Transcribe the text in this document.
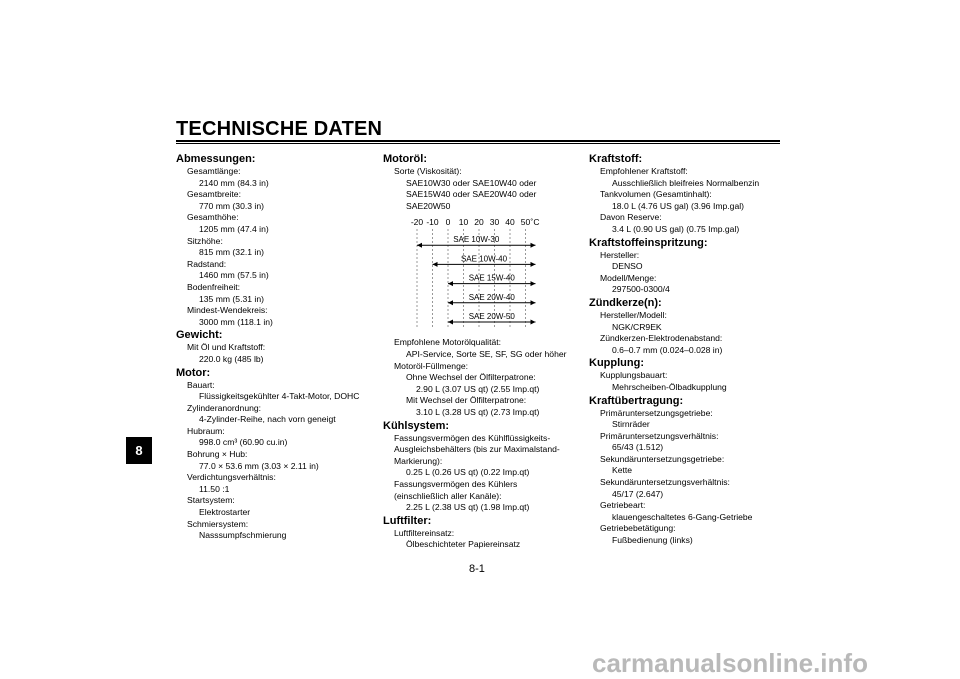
TECHNISCHE DATEN
8
8-1
Abmessungen:
Gesamtlänge:
2140 mm (84.3 in)
Gesamtbreite:
770 mm (30.3 in)
Gesamthöhe:
1205 mm (47.4 in)
Sitzhöhe:
815 mm (32.1 in)
Radstand:
1460 mm (57.5 in)
Bodenfreiheit:
135 mm (5.31 in)
Mindest-Wendekreis:
3000 mm (118.1 in)
Gewicht:
Mit Öl und Kraftstoff:
220.0 kg (485 lb)
Motor:
Bauart:
Flüssigkeitsgekühlter 4-Takt-Motor, DOHC
Zylinderanordnung:
4-Zylinder-Reihe, nach vorn geneigt
Hubraum:
998.0 cm³ (60.90 cu.in)
Bohrung × Hub:
77.0 × 53.6 mm (3.03 × 2.11 in)
Verdichtungsverhältnis:
11.50 :1
Startsystem:
Elektrostarter
Schmiersystem:
Nasssumpfschmierung
Motoröl:
Sorte (Viskosität):
SAE10W30 oder SAE10W40 oder
SAE15W40 oder SAE20W40 oder
SAE20W50
-20 -10 0 10 20 30 40 50 ˚C
SAE 10W-30
SAE 10W-40
SAE 15W-40
SAE 20W-40
SAE 20W-50
Empfohlene Motorölqualität:
API-Service, Sorte SE, SF, SG oder höher
Motoröl-Füllmenge:
Ohne Wechsel der Ölfilterpatrone:
2.90 L (3.07 US qt) (2.55 Imp.qt)
Mit Wechsel der Ölfilterpatrone:
3.10 L (3.28 US qt) (2.73 Imp.qt)
Kühlsystem:
Fassungsvermögen des Kühlflüssigkeits-
Ausgleichsbehälters (bis zur Maximalstand-
Markierung):
0.25 L (0.26 US qt) (0.22 Imp.qt)
Fassungsvermögen des Kühlers
(einschließlich aller Kanäle):
2.25 L (2.38 US qt) (1.98 Imp.qt)
Luftfilter:
Luftfiltereinsatz:
Ölbeschichteter Papiereinsatz
Kraftstoff:
Empfohlener Kraftstoff:
Ausschließlich bleifreies Normalbenzin
Tankvolumen (Gesamtinhalt):
18.0 L (4.76 US gal) (3.96 Imp.gal)
Davon Reserve:
3.4 L (0.90 US gal) (0.75 Imp.gal)
Kraftstoffeinspritzung:
Hersteller:
DENSO
Modell/Menge:
297500-0300/4
Zündkerze(n):
Hersteller/Modell:
NGK/CR9EK
Zündkerzen-Elektrodenabstand:
0.6–0.7 mm (0.024–0.028 in)
Kupplung:
Kupplungsbauart:
Mehrscheiben-Ölbadkupplung
Kraftübertragung:
Primäruntersetzungsgetriebe:
Stirnräder
Primäruntersetzungsverhältnis:
65/43 (1.512)
Sekundäruntersetzungsgetriebe:
Kette
Sekundäruntersetzungsverhältnis:
45/17 (2.647)
Getriebeart:
klauengeschaltetes 6-Gang-Getriebe
Getriebebetätigung:
Fußbedienung (links)
carmanualsonline.info
